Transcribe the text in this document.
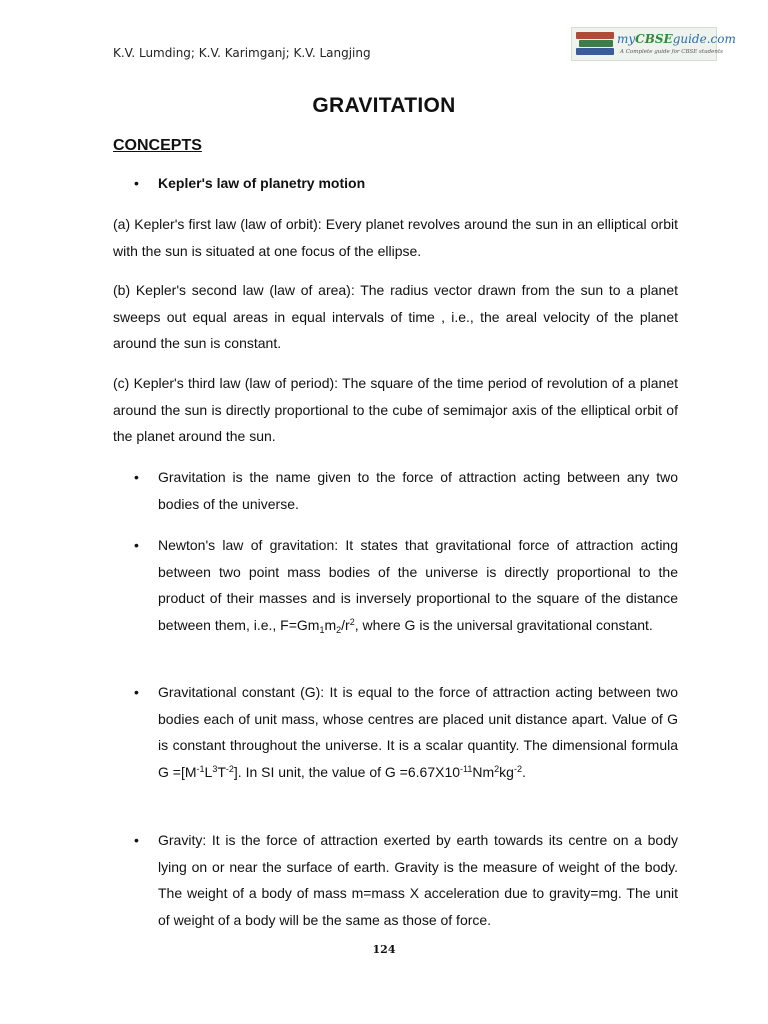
K.V. Lumding; K.V. Karimganj; K.V. Langjing
myCBSEguide.com
A Complete guide for CBSE students
GRAVITATION
CONCEPTS
• Kepler's law of planetry motion
(a) Kepler's first law (law of orbit): Every planet revolves around the sun in an elliptical orbit with the sun is situated at one focus of the ellipse.
(b) Kepler's second law (law of area): The radius vector drawn from the sun to a planet sweeps out equal areas in equal intervals of time , i.e., the areal velocity of the planet around the sun is constant.
(c) Kepler's third law (law of period): The square of the time period of revolution of a planet around the sun is directly proportional to the cube of semimajor axis of the elliptical orbit of the planet around the sun.
• Gravitation is the name given to the force of attraction acting between any two bodies of the universe.
• Newton's law of gravitation: It states that gravitational force of attraction acting between two point mass bodies of the universe is directly proportional to the product of their masses and is inversely proportional to the square of the distance between them, i.e., $F=Gm_1m_2/r^2$, where G is the universal gravitational constant.
• Gravitational constant (G): It is equal to the force of attraction acting between two bodies each of unit mass, whose centres are placed unit distance apart. Value of G is constant throughout the universe. It is a scalar quantity. The dimensional formula $G =[M^{-1}L^3T^{-2}]$. In SI unit, the value of $G =6.67X10^{-11}Nm^2kg^{-2}$.
• Gravity: It is the force of attraction exerted by earth towards its centre on a body lying on or near the surface of earth. Gravity is the measure of weight of the body. The weight of a body of mass m=mass X acceleration due to gravity=mg. The unit of weight of a body will be the same as those of force.
124
